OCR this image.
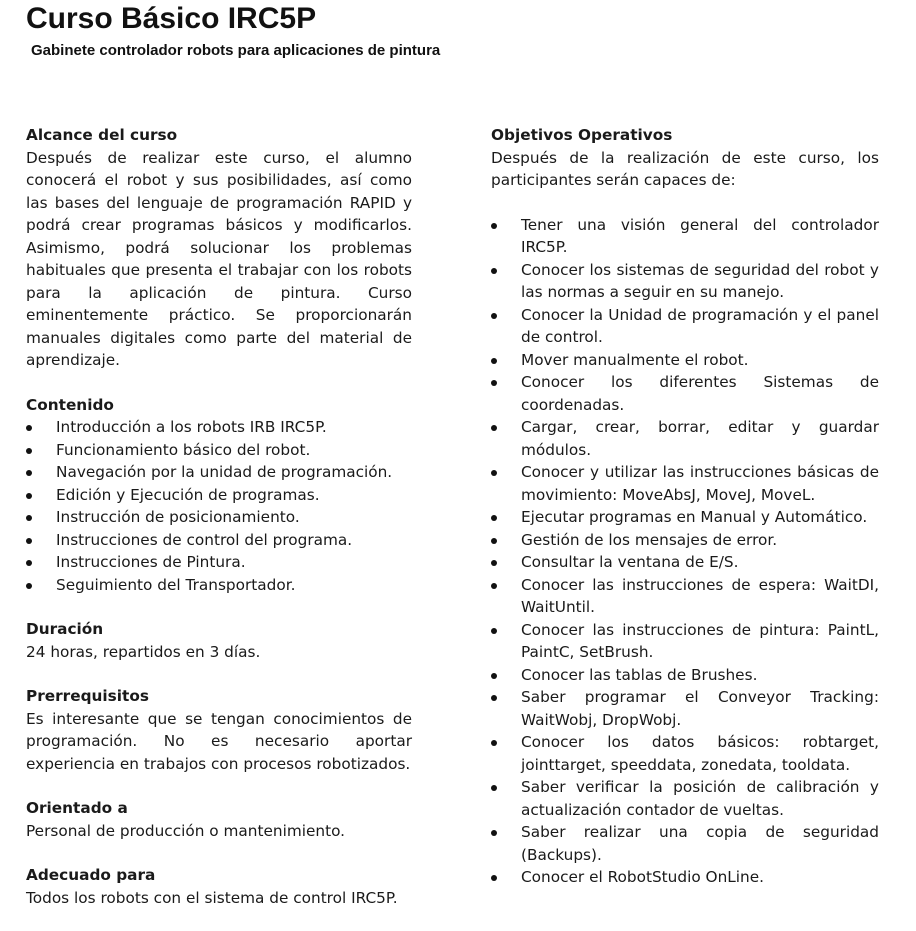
Curso Básico IRC5P
Gabinete controlador robots para aplicaciones de pintura
Alcance del curso

Después de realizar este curso, el alumno conocerá el robot y sus posibilidades, así como las bases del lenguaje de programación RAPID y podrá crear programas básicos y modificarlos. Asimismo, podrá solucionar los problemas habituales que presenta el trabajar con los robots para la aplicación de pintura. Curso eminentemente práctico. Se proporcionarán manuales digitales como parte del material de aprendizaje.

Contenido
Introducción a los robots IRB IRC5P.
Funcionamiento básico del robot.
Navegación por la unidad de programación.
Edición y Ejecución de programas.
Instrucción de posicionamiento.
Instrucciones de control del programa.
Instrucciones de Pintura.
Seguimiento del Transportador.
Duración

24 horas, repartidos en 3 días.

Prerrequisitos

Es interesante que se tengan conocimientos de programación. No es necesario aportar experiencia en trabajos con procesos robotizados.

Orientado a

Personal de producción o mantenimiento.

Adecuado para

Todos los robots con el sistema de control IRC5P.

Objetivos Operativos

Después de la realización de este curso, los participantes serán capaces de:

Tener una visión general del controlador IRC5P.
Conocer los sistemas de seguridad del robot y las normas a seguir en su manejo.
Conocer la Unidad de programación y el panel de control.
Mover manualmente el robot.
Conocer los diferentes Sistemas de coordenadas.
Cargar, crear, borrar, editar y guardar módulos.
Conocer y utilizar las instrucciones básicas de movimiento: MoveAbsJ, MoveJ, MoveL.
Ejecutar programas en Manual y Automático.
Gestión de los mensajes de error.
Consultar la ventana de E/S.
Conocer las instrucciones de espera: WaitDI, WaitUntil.
Conocer las instrucciones de pintura: PaintL, PaintC, SetBrush.
Conocer las tablas de Brushes.
Saber programar el Conveyor Tracking: WaitWobj, DropWobj.
Conocer los datos básicos: robtarget, jointtarget, speeddata, zonedata, tooldata.
Saber verificar la posición de calibración y actualización contador de vueltas.
Saber realizar una copia de seguridad (Backups).
Conocer el RobotStudio OnLine.
